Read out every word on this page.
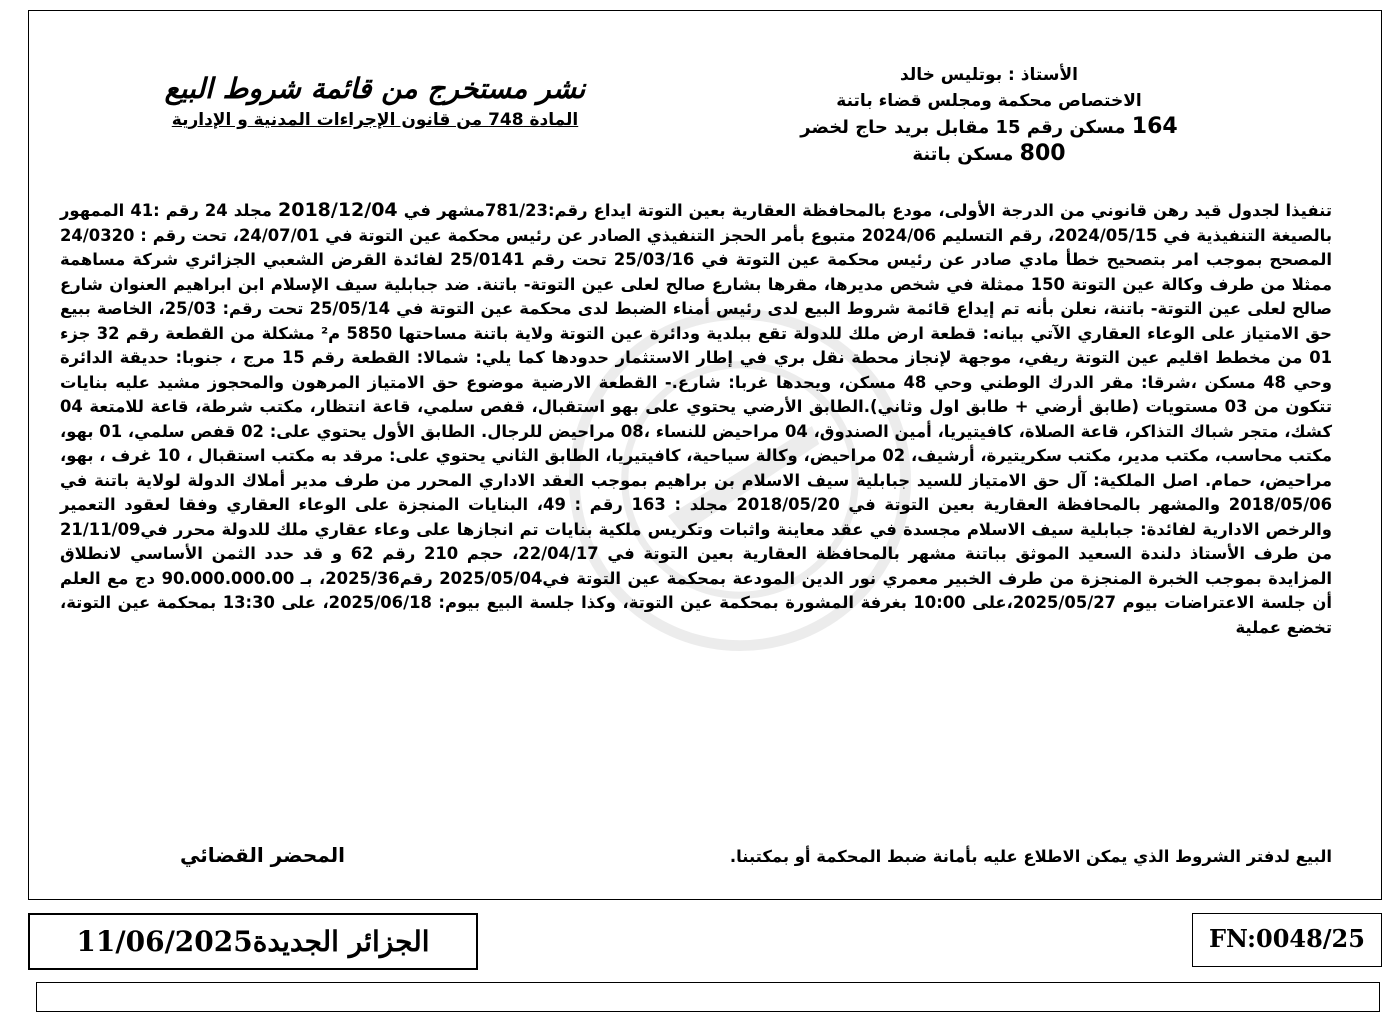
الأستاذ : بوتليس خالد
الاختصاص محكمة ومجلس قضاء باتنة
164 مسكن رقم 15 مقابل بريد حاج لخضر
800 مسكن باتنة
نشر مستخرج من قائمة شروط البيع
المادة 748 من قانون الإجراءات المدنية و الإدارية
تنفيذا لجدول قيد رهن قانوني من الدرجة الأولى، مودع بالمحافظة العقارية بعين التوتة ايداع رقم:781/23مشهر في 2018/12/04 مجلد 24 رقم :41 الممهور بالصيغة التنفيذية في 2024/05/15، رقم التسليم 2024/06 متبوع بأمر الحجز التنفيذي الصادر عن رئيس محكمة عين التوتة في 24/07/01، تحت رقم : 24/0320 المصحح بموجب امر بتصحيح خطأ مادي صادر عن رئيس محكمة عين التوتة في 25/03/16 تحت رقم 25/0141 لفائدة القرض الشعبي الجزائري شركة مساهمة ممثلا من طرف وكالة عين التوتة 150 ممثلة في شخص مديرها، مقرها بشارع صالح لعلى عين التوتة- باتنة. ضد جبابلية سيف الإسلام ابن ابراهيم العنوان شارع صالح لعلى عين التوتة- باتنة، نعلن بأنه تم إيداع قائمة شروط البيع لدى رئيس أمناء الضبط لدى محكمة عين التوتة في 25/05/14 تحت رقم: 25/03، الخاصة ببيع حق الامتياز على الوعاء العقاري الآتي بيانه: قطعة ارض ملك للدولة تقع ببلدية ودائرة عين التوتة ولاية باتنة مساحتها 5850 م² مشكلة من القطعة رقم 32 جزء 01 من مخطط اقليم عين التوتة ريفي، موجهة لإنجاز محطة نقل بري في إطار الاستثمار حدودها كما يلي: شمالا: القطعة رقم 15 مرج ، جنوبا: حديقة الدائرة وحي 48 مسكن ،شرقا: مقر الدرك الوطني وحي 48 مسكن، ويحدها غربا: شارع.- القطعة الارضية موضوع حق الامتياز المرهون والمحجوز مشيد عليه بنايات تتكون من 03 مستويات (طابق أرضي + طابق اول وثاني).الطابق الأرضي يحتوي على بهو استقبال، قفص سلمي، قاعة انتظار، مكتب شرطة، قاعة للامتعة 04 كشك، متجر شباك التذاكر، قاعة الصلاة، كافيتيريا، أمين الصندوق، 04 مراحيض للنساء ،08 مراحيض للرجال. الطابق الأول يحتوي على: 02 قفص سلمي، 01 بهو، مكتب محاسب، مكتب مدير، مكتب سكريتيرة، أرشيف، 02 مراحيض، وكالة سياحية، كافيتيريا، الطابق الثاني يحتوي على: مرقد به مكتب استقبال ، 10 غرف ، بهو، مراحيض، حمام. اصل الملكية: آل حق الامتياز للسيد جبابلية سيف الاسلام بن براهيم بموجب العقد الاداري المحرر من طرف مدير أملاك الدولة لولاية باتنة في 2018/05/06 والمشهر بالمحافظة العقارية بعين التوتة في 2018/05/20 مجلد : 163 رقم : 49، البنايات المنجزة على الوعاء العقاري وفقا لعقود التعمير والرخص الادارية لفائدة: جبابلية سيف الاسلام مجسدة في عقد معاينة واثبات وتكريس ملكية بنايات تم انجازها على وعاء عقاري ملك للدولة محرر في21/11/09 من طرف الأستاذ دلندة السعيد الموثق بباتنة مشهر بالمحافظة العقارية بعين التوتة في 22/04/17، حجم 210 رقم 62 و قد حدد الثمن الأساسي لانطلاق المزايدة بموجب الخبرة المنجزة من طرف الخبير معمري نور الدين المودعة بمحكمة عين التوتة في2025/05/04 رقم2025/36، بـ 90.000.000.00 دج مع العلم أن جلسة الاعتراضات بيوم 2025/05/27،على 10:00 بغرفة المشورة بمحكمة عين التوتة، وكذا جلسة البيع بيوم: 2025/06/18، على 13:30 بمحكمة عين التوتة، تخضع عملية
البيع لدفتر الشروط الذي يمكن الاطلاع عليه بأمانة ضبط المحكمة أو بمكتبنا.
المحضر القضائي
الجزائر الجديدة11/06/2025	FN:0048/25
